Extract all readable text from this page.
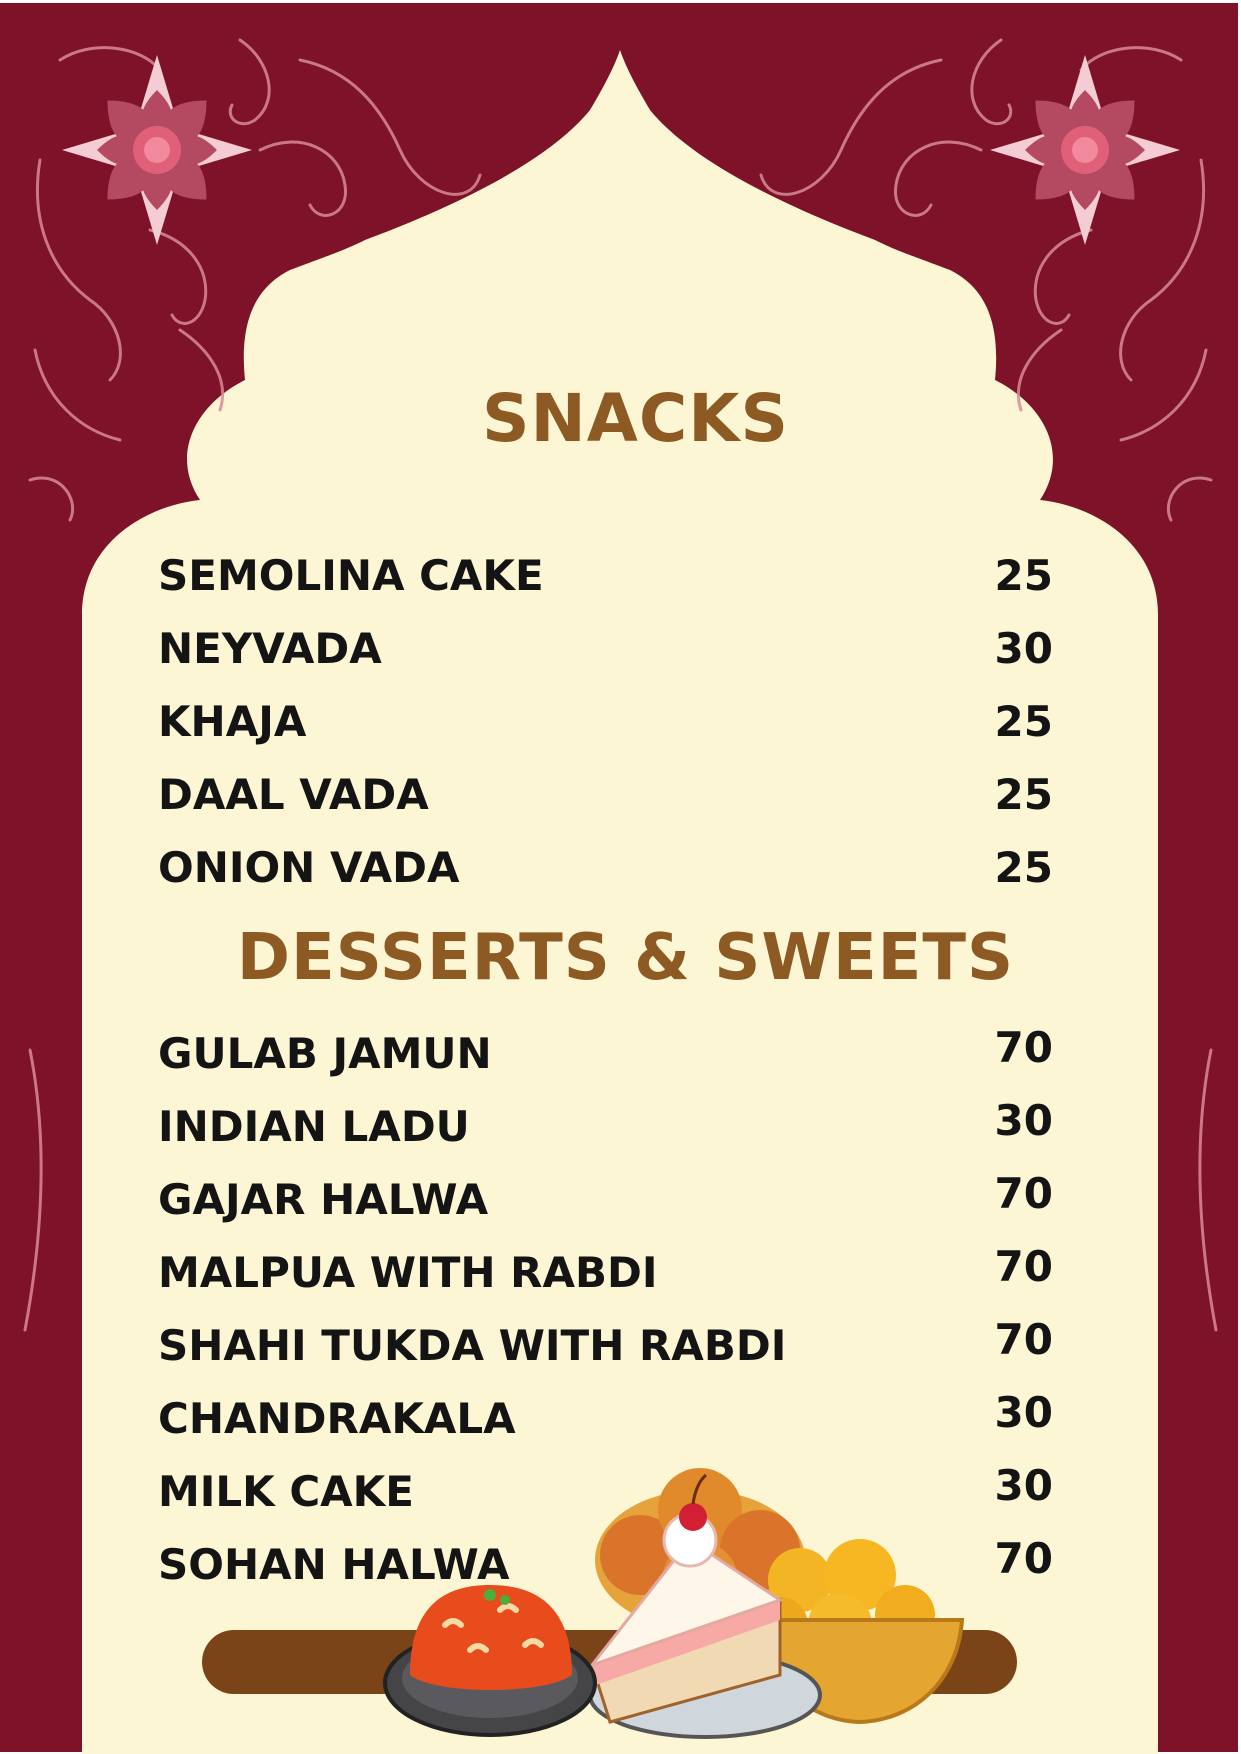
SNACKS
SEMOLINA CAKE	25
NEYVADA	30
KHAJA	25
DAAL VADA	25
ONION VADA	25
DESSERTS & SWEETS
GULAB JAMUN	70
INDIAN LADU	30
GAJAR HALWA	70
MALPUA WITH RABDI	70
SHAHI TUKDA WITH RABDI	70
CHANDRAKALA	30
MILK CAKE	30
SOHAN HALWA	70
